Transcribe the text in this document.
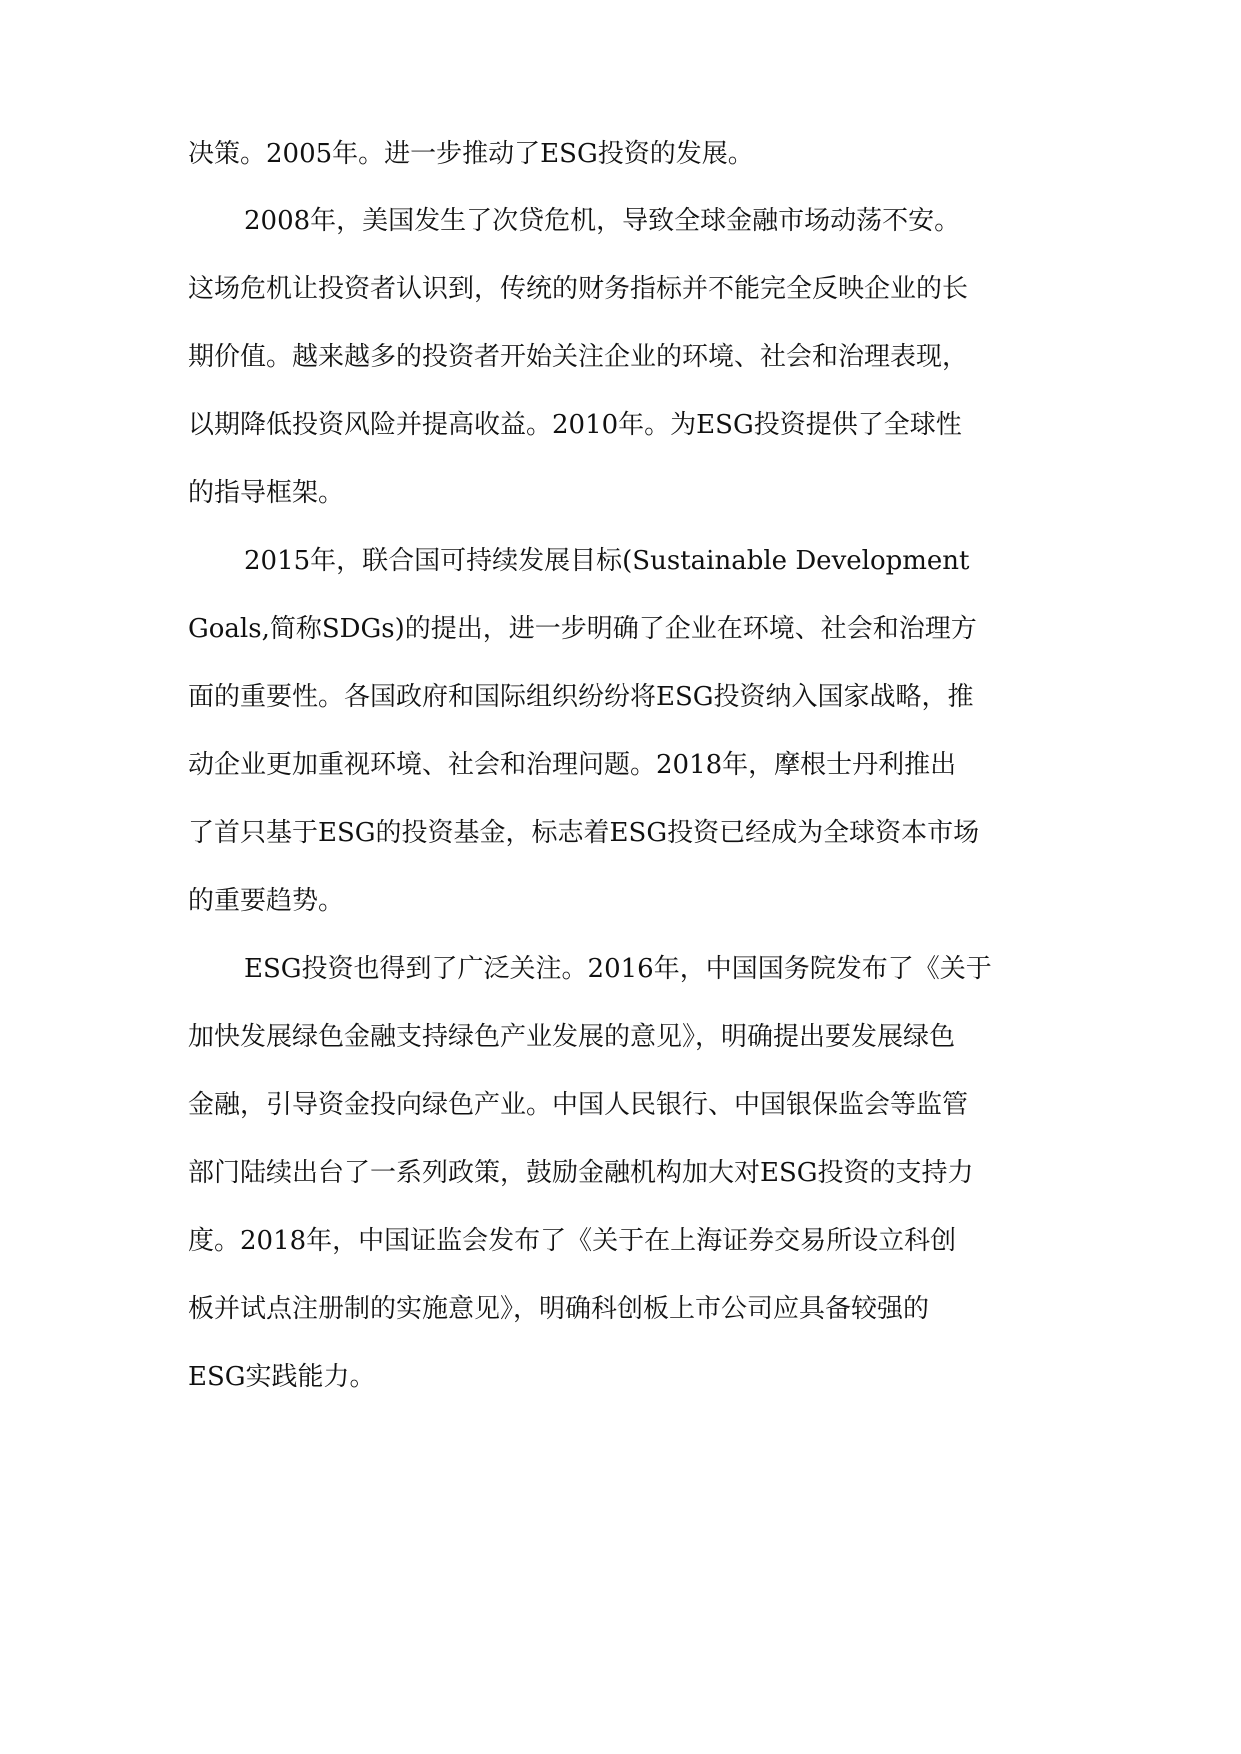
决策。2005年。进一步推动了ESG投资的发展。
2008年，美国发生了次贷危机，导致全球金融市场动荡不安。
这场危机让投资者认识到，传统的财务指标并不能完全反映企业的长
期价值。越来越多的投资者开始关注企业的环境、社会和治理表现，
以期降低投资风险并提高收益。2010年。为ESG投资提供了全球性
的指导框架。
2015年，联合国可持续发展目标(Sustainable Development
Goals,简称SDGs)的提出，进一步明确了企业在环境、社会和治理方
面的重要性。各国政府和国际组织纷纷将ESG投资纳入国家战略，推
动企业更加重视环境、社会和治理问题。2018年，摩根士丹利推出
了首只基于ESG的投资基金，标志着ESG投资已经成为全球资本市场
的重要趋势。
ESG投资也得到了广泛关注。2016年，中国国务院发布了《关于
加快发展绿色金融支持绿色产业发展的意见》，明确提出要发展绿色
金融，引导资金投向绿色产业。中国人民银行、中国银保监会等监管
部门陆续出台了一系列政策，鼓励金融机构加大对ESG投资的支持力
度。2018年，中国证监会发布了《关于在上海证券交易所设立科创
板并试点注册制的实施意见》，明确科创板上市公司应具备较强的
ESG实践能力。
